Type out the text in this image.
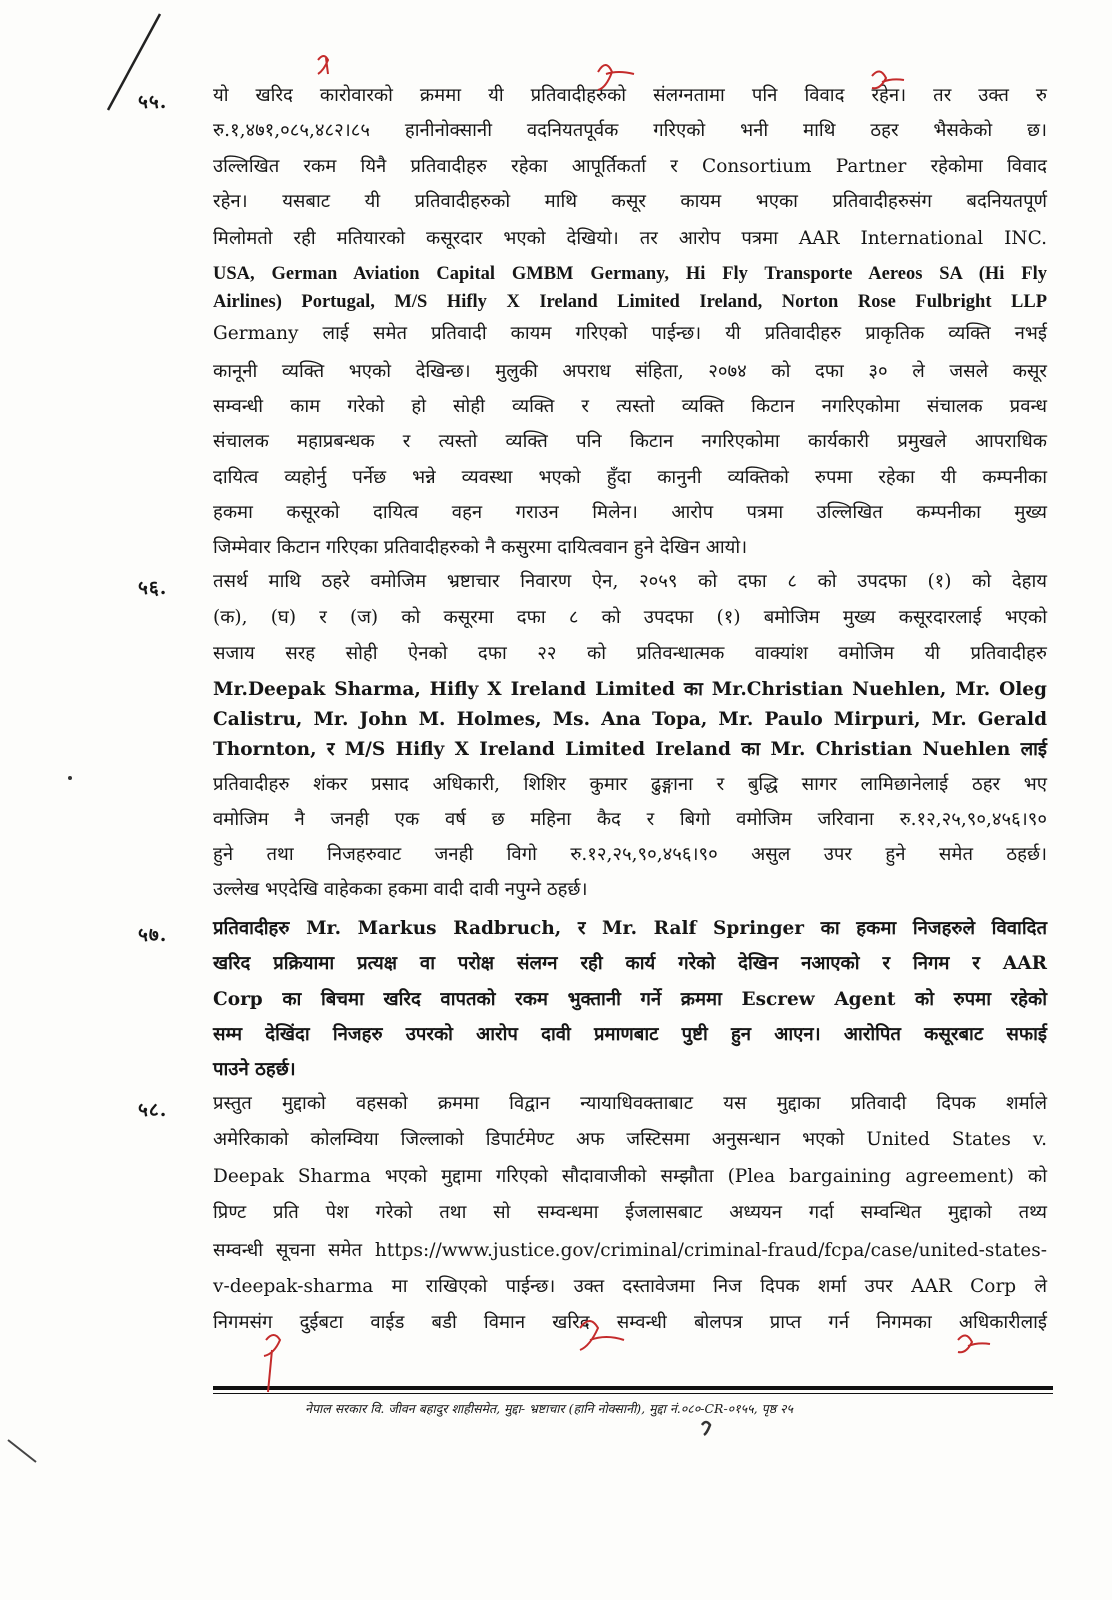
५५. यो खरिद कारोवारको क्रममा यी प्रतिवादीहरुको संलग्नतामा पनि विवाद रहेन। तर उक्त रु
रु.१,४७१,०८५,४८२।८५ हानीनोक्सानी वदनियतपूर्वक गरिएको भनी माथि ठहर भैसकेको छ।
उल्लिखित रकम यिनै प्रतिवादीहरु रहेका आपूर्तिकर्ता र Consortium Partner रहेकोमा विवाद
रहेन। यसबाट यी प्रतिवादीहरुको माथि कसूर कायम भएका प्रतिवादीहरुसंग बदनियतपूर्ण
मिलोमतो रही मतियारको कसूरदार भएको देखियो। तर आरोप पत्रमा AAR International INC.
USA, German Aviation Capital GMBM Germany, Hi Fly Transporte Aereos SA (Hi Fly
Airlines) Portugal, M/S Hifly X Ireland Limited Ireland, Norton Rose Fulbright LLP
Germany लाई समेत प्रतिवादी कायम गरिएको पाईन्छ। यी प्रतिवादीहरु प्राकृतिक व्यक्ति नभई
कानूनी व्यक्ति भएको देखिन्छ। मुलुकी अपराध संहिता, २०७४ को दफा ३० ले जसले कसूर
सम्वन्धी काम गरेको हो सोही व्यक्ति र त्यस्तो व्यक्ति किटान नगरिएकोमा संचालक प्रवन्ध
संचालक महाप्रबन्धक र त्यस्तो व्यक्ति पनि किटान नगरिएकोमा कार्यकारी प्रमुखले आपराधिक
दायित्व व्यहोर्नु पर्नेछ भन्ने व्यवस्था भएको हुँदा कानुनी व्यक्तिको रुपमा रहेका यी कम्पनीका
हकमा कसूरको दायित्व वहन गराउन मिलेन। आरोप पत्रमा उल्लिखित कम्पनीका मुख्य
जिम्मेवार किटान गरिएका प्रतिवादीहरुको नै कसुरमा दायित्ववान हुने देखिन आयो।
५६. तसर्थ माथि ठहरे वमोजिम भ्रष्टाचार निवारण ऐन, २०५९ को दफा ८ को उपदफा (१) को देहाय
(क), (घ) र (ज) को कसूरमा दफा ८ को उपदफा (१) बमोजिम मुख्य कसूरदारलाई भएको
सजाय सरह सोही ऐनको दफा २२ को प्रतिवन्धात्मक वाक्यांश वमोजिम यी प्रतिवादीहरु
Mr.Deepak Sharma, Hifly X Ireland Limited का Mr.Christian Nuehlen, Mr. Oleg
Calistru, Mr. John M. Holmes, Ms. Ana Topa, Mr. Paulo Mirpuri, Mr. Gerald
Thornton, र M/S Hifly X Ireland Limited Ireland का Mr. Christian Nuehlen लाई
प्रतिवादीहरु शंकर प्रसाद अधिकारी, शिशिर कुमार ढुङ्गाना र बुद्धि सागर लामिछानेलाई ठहर भए
वमोजिम नै जनही एक वर्ष छ महिना कैद र बिगो वमोजिम जरिवाना रु.१२,२५,९०,४५६।९०
हुने तथा निजहरुवाट जनही विगो रु.१२,२५,९०,४५६।९० असुल उपर हुने समेत ठहर्छ।
उल्लेख भएदेखि वाहेकका हकमा वादी दावी नपुग्ने ठहर्छ।
५७. प्रतिवादीहरु Mr. Markus Radbruch, र Mr. Ralf Springer का हकमा निजहरुले विवादित
खरिद प्रक्रियामा प्रत्यक्ष वा परोक्ष संलग्न रही कार्य गरेको देखिन नआएको र निगम र AAR
Corp का बिचमा खरिद वापतको रकम भुक्तानी गर्ने क्रममा Escrew Agent को रुपमा रहेको
सम्म देखिंदा निजहरु उपरको आरोप दावी प्रमाणबाट पुष्टी हुन आएन। आरोपित कसूरबाट सफाई
पाउने ठहर्छ।
५८. प्रस्तुत मुद्दाको वहसको क्रममा विद्वान न्यायाधिवक्ताबाट यस मुद्दाका प्रतिवादी दिपक शर्माले
अमेरिकाको कोलम्विया जिल्लाको डिपार्टमेण्ट अफ जस्टिसमा अनुसन्धान भएको United States v.
Deepak Sharma भएको मुद्दामा गरिएको सौदावाजीको सम्झौता (Plea bargaining agreement) को
प्रिण्ट प्रति पेश गरेको तथा सो सम्वन्धमा ईजलासबाट अध्ययन गर्दा सम्वन्धित मुद्दाको तथ्य
सम्वन्धी सूचना समेत https://www.justice.gov/criminal/criminal-fraud/fcpa/case/united-states-
v-deepak-sharma मा राखिएको पाईन्छ। उक्त दस्तावेजमा निज दिपक शर्मा उपर AAR Corp ले
निगमसंग दुईबटा वाईड बडी विमान खरिद सम्वन्धी बोलपत्र प्राप्त गर्न निगमका अधिकारीलाई
नेपाल सरकार वि. जीवन बहादुर शाहीसमेत, मुद्दा- भ्रष्टाचार (हानि नोक्सानी), मुद्दा नं.०८०-CR-०१५५, पृष्ठ २५
